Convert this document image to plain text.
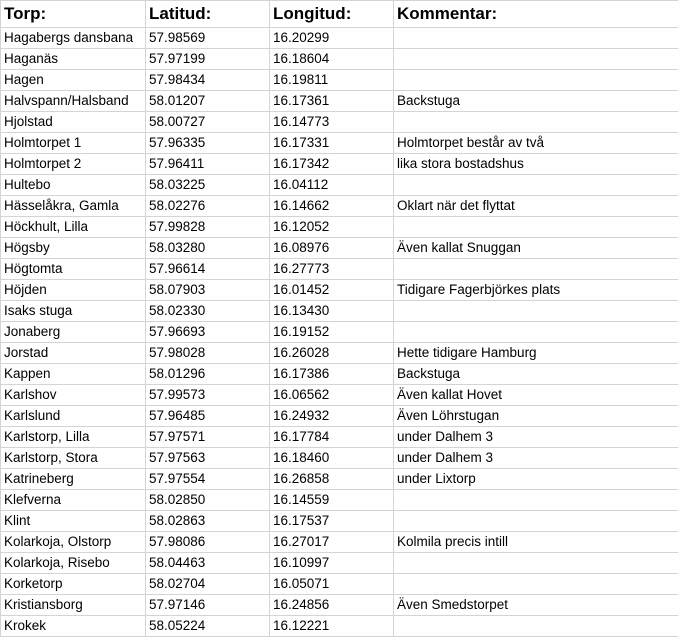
Torp:	Latitud:	Longitud:	Kommentar:
Hagabergs dansbana	57.98569	16.20299	
Haganäs	57.97199	16.18604	
Hagen	57.98434	16.19811	
Halvspann/Halsband	58.01207	16.17361	Backstuga
Hjolstad	58.00727	16.14773	
Holmtorpet 1	57.96335	16.17331	Holmtorpet består av två
Holmtorpet 2	57.96411	16.17342	lika stora bostadshus
Hultebo	58.03225	16.04112	
Hässelåkra, Gamla	58.02276	16.14662	Oklart när det flyttat
Höckhult, Lilla	57.99828	16.12052	
Högsby	58.03280	16.08976	Även kallat Snuggan
Högtomta	57.96614	16.27773	
Höjden	58.07903	16.01452	Tidigare Fagerbjörkes plats
Isaks stuga	58.02330	16.13430	
Jonaberg	57.96693	16.19152	
Jorstad	57.98028	16.26028	Hette tidigare Hamburg
Kappen	58.01296	16.17386	Backstuga
Karlshov	57.99573	16.06562	Även kallat Hovet
Karlslund	57.96485	16.24932	Även Löhrstugan
Karlstorp, Lilla	57.97571	16.17784	under Dalhem 3
Karlstorp, Stora	57.97563	16.18460	under Dalhem 3
Katrineberg	57.97554	16.26858	under Lixtorp
Klefverna	58.02850	16.14559	
Klint	58.02863	16.17537	
Kolarkoja, Olstorp	57.98086	16.27017	Kolmila precis intill
Kolarkoja, Risebo	58.04463	16.10997	
Korketorp	58.02704	16.05071	
Kristiansborg	57.97146	16.24856	Även Smedstorpet
Krokek	58.05224	16.12221	
